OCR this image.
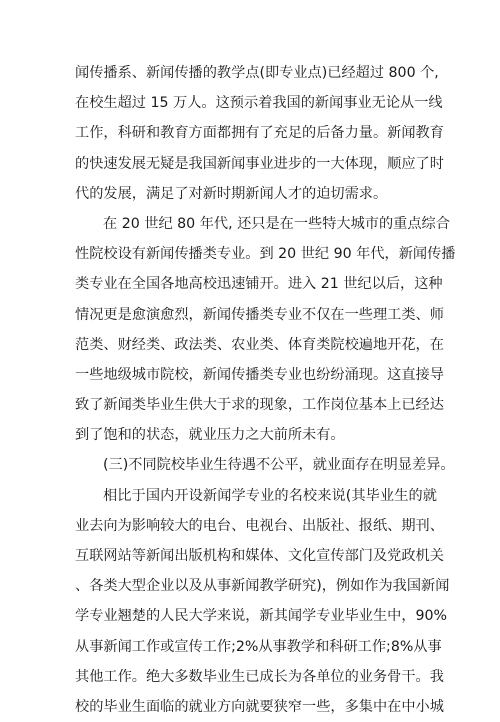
闻传播系、新闻传播的教学点(即专业点)已经超过 800 个,
在校生超过 15 万人。这预示着我国的新闻事业无论从一线
工作，科研和教育方面都拥有了充足的后备力量。新闻教育
的快速发展无疑是我国新闻事业进步的一大体现，顺应了时
代的发展，满足了对新时期新闻人才的迫切需求。
在 20 世纪 80 年代, 还只是在一些特大城市的重点综合
性院校设有新闻传播类专业。到 20 世纪 90 年代，新闻传播
类专业在全国各地高校迅速铺开。进入 21 世纪以后，这种
情况更是愈演愈烈，新闻传播类专业不仅在一些理工类、师
范类、财经类、政法类、农业类、体育类院校遍地开花，在
一些地级城市院校，新闻传播类专业也纷纷涌现。这直接导
致了新闻类毕业生供大于求的现象，工作岗位基本上已经达
到了饱和的状态，就业压力之大前所未有。
(三)不同院校毕业生待遇不公平，就业面存在明显差异。
相比于国内开设新闻学专业的名校来说(其毕业生的就
业去向为影响较大的电台、电视台、出版社、报纸、期刊、
互联网站等新闻出版机构和媒体、文化宣传部门及党政机关
、各类大型企业以及从事新闻教学研究)，例如作为我国新闻
学专业翘楚的人民大学来说，新其闻学专业毕业生中，90%
从事新闻工作或宣传工作;2%从事教学和科研工作;8%从事
其他工作。绝大多数毕业生已成长为各单位的业务骨干。我
校的毕业生面临的就业方向就要狭窄一些，多集中在中小城
